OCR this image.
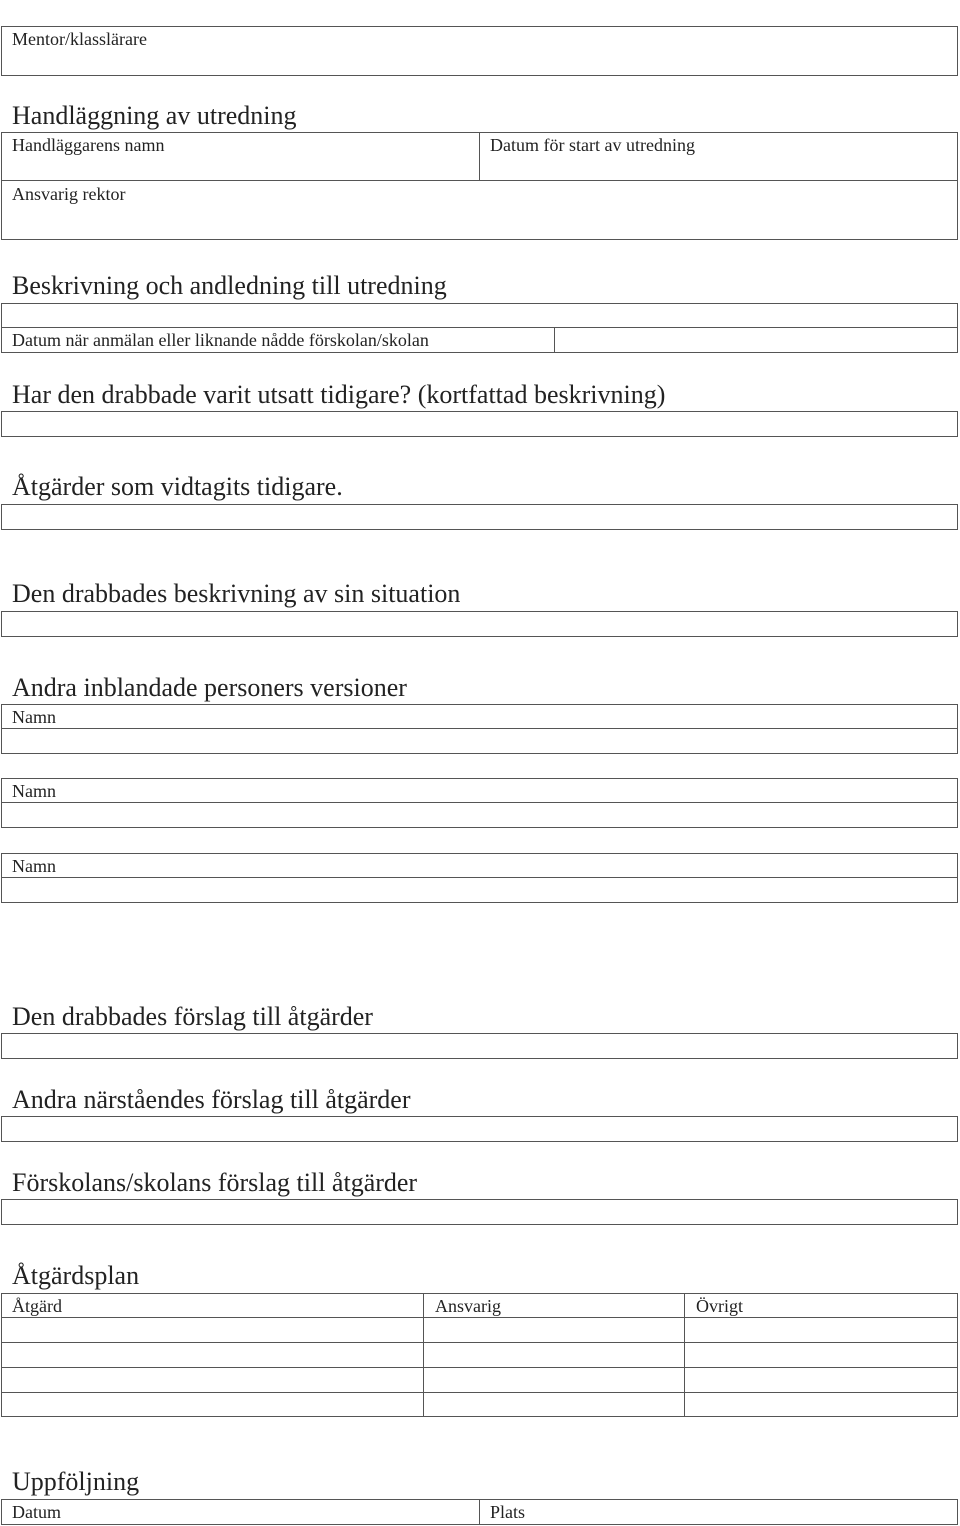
Mentor/klasslärare
Handläggning av utredning
Handläggarens namn	Datum för start av utredning
Ansvarig rektor
Beskrivning och andledning till utredning
Datum när anmälan eller liknande nådde förskolan/skolan
Har den drabbade varit utsatt tidigare? (kortfattad beskrivning)
Åtgärder som vidtagits tidigare.
Den drabbades beskrivning av sin situation
Andra inblandade personers versioner
Namn
Namn
Namn
Den drabbades förslag till åtgärder
Andra närståendes förslag till åtgärder
Förskolans/skolans förslag till åtgärder
Åtgärdsplan
Åtgärd	Ansvarig	Övrigt
Uppföljning
Datum	Plats
